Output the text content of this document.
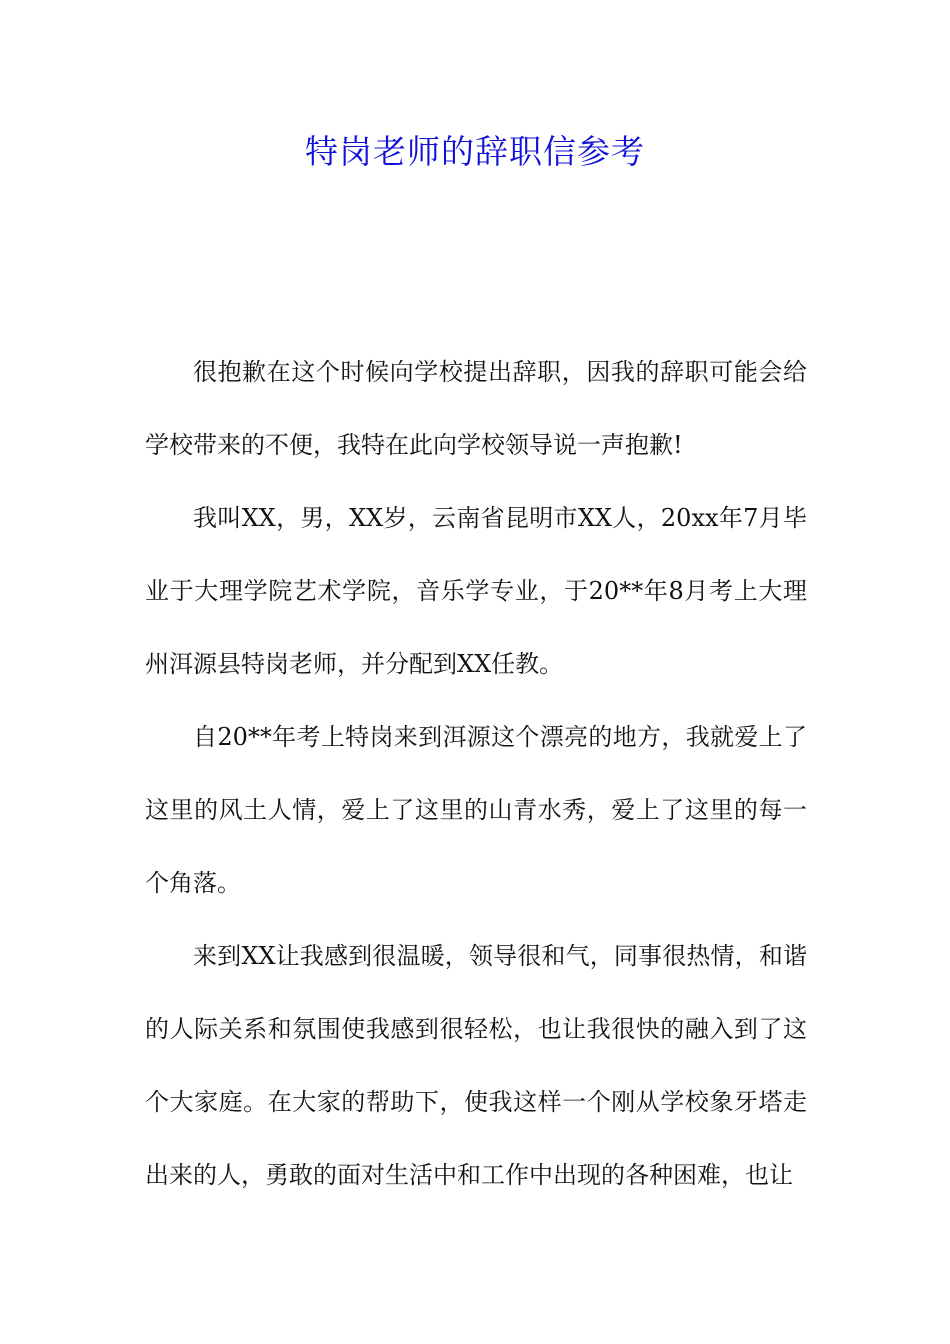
特岗老师的辞职信参考

很抱歉在这个时候向学校提出辞职，因我的辞职可能会给学校带来的不便，我特在此向学校领导说一声抱歉!

我叫XX，男，XX岁，云南省昆明市XX人，20xx年7月毕业于大理学院艺术学院，音乐学专业，于20**年8月考上大理州洱源县特岗老师，并分配到XX任教。

自20**年考上特岗来到洱源这个漂亮的地方，我就爱上了这里的风土人情，爱上了这里的山青水秀，爱上了这里的每一个角落。

来到XX让我感到很温暖，领导很和气，同事很热情，和谐的人际关系和氛围使我感到很轻松，也让我很快的融入到了这个大家庭。在大家的帮助下，使我这样一个刚从学校象牙塔走出来的人，勇敢的面对生活中和工作中出现的各种困难，也让
